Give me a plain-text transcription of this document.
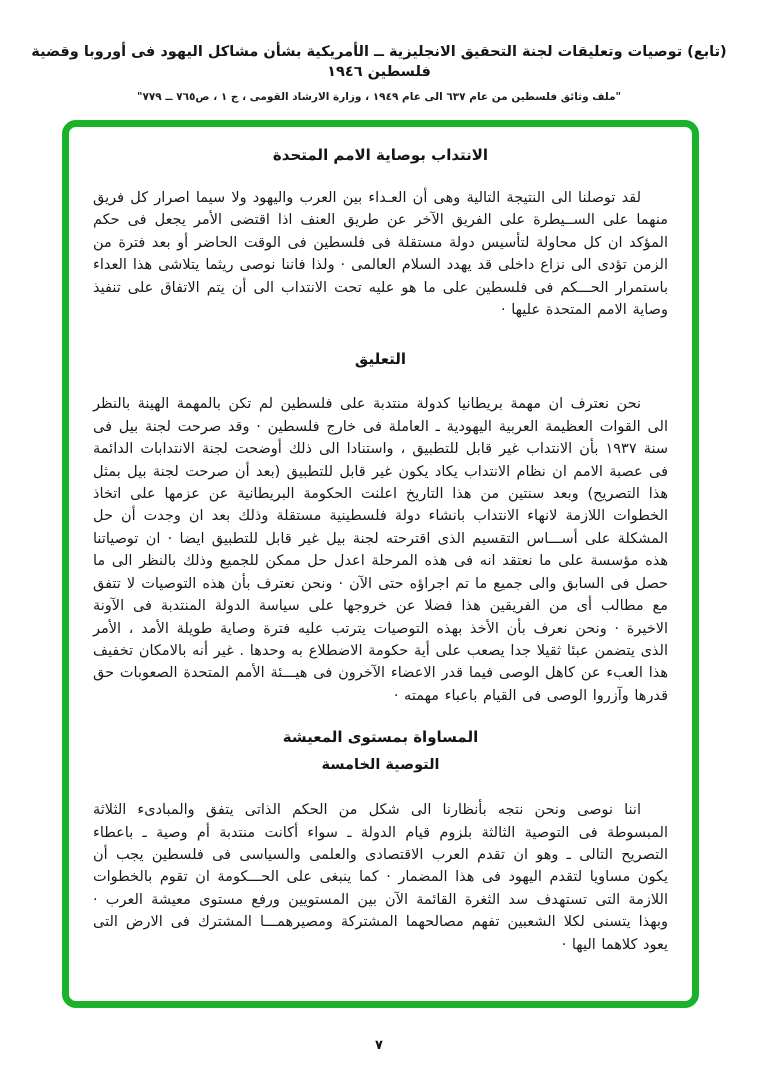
(تابع) توصيات وتعليقات لجنة التحقيق الانجليزية ــ الأمريكية بشأن مشاكل اليهود فى أوروبا وقضية فلسطين ١٩٤٦
"ملف وثائق فلسطين من عام ٦٣٧ الى عام ١٩٤٩ ، وزارة الارشاد القومى ، ج ١ ، ص٧٦٥ ــ ٧٧٩"
الانتداب بوصاية الامم المتحدة

لقد توصلنا الى النتيجة التالية وهى أن العـداء بين العرب واليهود ولا سيما اصرار كل فريق منهما على الســيطرة على الفريق الآخر عن طريق العنف اذا اقتضى الأمر يجعل فى حكم المؤكد ان كل محاولة لتأسيس دولة مستقلة فى فلسطين فى الوقت الحاضر أو بعد فترة من الزمن تؤدى الى نزاع داخلى قد يهدد السلام العالمى · ولذا فاننا نوصى ريثما يتلاشى هذا العداء باستمرار الحـــكم فى فلسطين على ما هو عليه تحت الانتداب الى أن يتم الاتفاق على تنفيذ وصاية الامم المتحدة عليها ·

التعليق

نحن نعترف ان مهمة بريطانيا كدولة منتدبة على فلسطين لم تكن بالمهمة الهينة بالنظر الى القوات العظيمة العربية اليهودية ـ العاملة فى خارج فلسطين · وقد صرحت لجنة بيل فى سنة ١٩٣٧ بأن الانتداب غير قابل للتطبيق ، واستنادا الى ذلك أوضحت لجنة الانتدابات الدائمة فى عصبة الامم ان نظام الانتداب يكاد يكون غير قابل للتطبيق (بعد أن صرحت لجنة بيل بمثل هذا التصريح) وبعد سنتين من هذا التاريخ اعلنت الحكومة البريطانية عن عزمها على اتخاذ الخطوات اللازمة لانهاء الانتداب بانشاء دولة فلسطينية مستقلة وذلك بعد ان وجدت أن حل المشكلة على أســـاس التقسيم الذى اقترحته لجنة بيل غير قابل للتطبيق ايضا · ان توصياتنا هذه مؤسسة على ما نعتقد انه فى هذه المرحلة اعدل حل ممكن للجميع وذلك بالنظر الى ما حصل فى السابق والى جميع ما تم اجراؤه حتى الآن · ونحن نعترف بأن هذه التوصيات لا تتفق مع مطالب أى من الفريقين هذا فضلا عن خروجها على سياسة الدولة المنتدبة فى الآونة الاخيرة · ونحن نعرف بأن الأخذ بهذه التوصيات يترتب عليه فترة وصاية طويلة الأمد ، الأمر الذى يتضمن عبئا ثقيلا جدا يصعب على أية حكومة الاضطلاع به وحدها . غير أنه بالامكان تخفيف هذا العبء عن كاهل الوصى فيما قدر الاعضاء الآخرون فى هيـــئة الأمم المتحدة الصعوبات حق قدرها وآزروا الوصى فى القيام باعباء مهمته ·

المساواة بمستوى المعيشة
التوصية الخامسة

اننا نوصى ونحن نتجه بأنظارنا الى شكل من الحكم الذاتى يتفق والمبادىء الثلاثة المبسوطة فى التوصية الثالثة بلزوم قيام الدولة ـ سواء أكانت منتدبة أم وصية ـ باعطاء التصريح التالى ـ وهو ان تقدم العرب الاقتصادى والعلمى والسياسى فى فلسطين يجب أن يكون مساويا لتقدم اليهود فى هذا المضمار · كما ينبغى على الحـــكومة ان تقوم بالخطوات اللازمة التى تستهدف سد الثغرة القائمة الآن بين المستويين ورفع مستوى معيشة العرب · وبهذا يتسنى لكلا الشعبين تفهم مصالحهما المشتركة ومصيرهمـــا المشترك فى الارض التى يعود كلاهما اليها ·

٧
